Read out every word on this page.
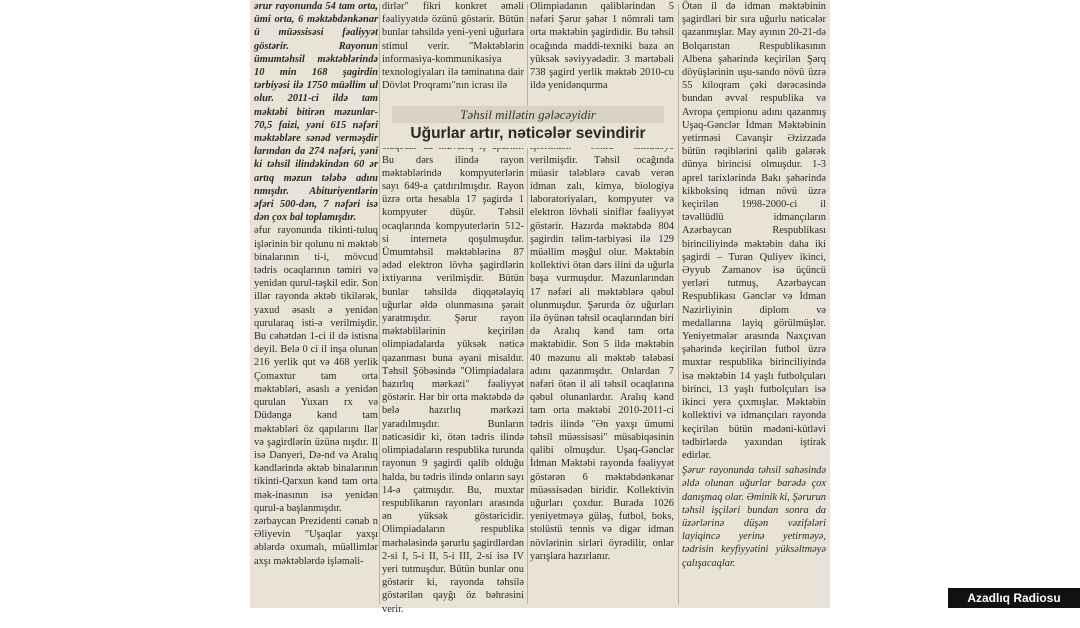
ərur rayonunda 54 tam orta, ümi orta, 6 məktəbdənkənar ü müəssisəsi fəaliyyət göstərir. Rayonun ümumtəhsil məktəblərində 10 min 168 şagirdin tərbiyəsi ilə 1750 müəllim ul olur. 2011-ci ildə tam məktəbi bitirən məzunlar-70,5 faizi, yəni 615 nəfəri məktəbləre sənəd verməşdir larından da 274 nəfəri, yəni ki təhsil ilindəkindən 60 ər artıq məzun tələbə adını nmışdır. Abituriyentlərin əfəri 500-dən, 7 nəfəri isə dən çox bal toplamışdır.

əfur rayonunda tikinti-tuluq işlərinin bir qolunu ni məktəb binalarının ti-i, mövcud tədris ocaqlarının təmiri və yenidən qurul-təşkil edir. Son illər rayonda əktəb tikilərək, yaxud əsaslı ə yenidən qurularaq isti-ə verilmişdir. Bu cəhətdən 1-ci il də istisna deyil. Belə 0 ci il inşa olunan 216 yerlik qut və 468 yerlik Çomaxtur tam orta məktəbləri, əsaslı ə yenidən qurulan Yuxarı rx və Düdəngə kənd tam məktəbləri öz qapılarını llər və şagirdlərin üzünə nışdır. Il isə Danyeri, Də-nd və Aralıq kəndlərində əktəb binalarının tikinti-Qarxun kənd tam orta mək-inasının isə yenidən qurul-a başlanmışdır.

zərbaycan Prezidenti cənab n Əliyevin "Uşaqlar yaxşı əblərdə oxumalı, müəllimlər axşı məktəblərdə işləməli-

dirlər" fikri konkret əməli fəaliyyətdə özünü göstərir. Bütün bunlar təhsildə yeni-yeni uğurlara stimul verir. "Məktəblərin informasiya-kommunikasiya texnologiyaları ilə təminatına dair Dövlət Proqramı"nın icrası ilə

Bu dərs ilində rayon məktəblərində kompyuterlərin sayı 649-a çatdırılmışdır. Rayon üzrə orta hesabla 17 şagirdə 1 kompyuter düşür. Təhsil ocaqlarında kompyuterlərin 512-si internetə qoşulmuşdur. Ümumtəhsil məktəblərinə 87 ədəd elektron lövhə şagirdlərin ixtiyarına verilmişdir. Bütün bunlar təhsildə diqqətəlayiq uğurlar əldə olunmasına şərait yaratmışdır. Şərur rayon məktəblilərinin keçirilən olimpiadalarda yüksək nəticə qazanması buna əyani misaldır. Təhsil Şöbəsində "Olimpiadalara hazırlıq mərkəzi" fəaliyyət göstərir. Hər bir orta məktəbdə də belə hazırlıq mərkəzi yaradılmışdır. Bunların nəticəsidir ki, ötən tədris ilində olimpiadaların respublika turunda rayonun 9 şagirdi qalib olduğu halda, bu tədris ilində onların sayı 14-ə çatmışdır. Bu, muxtar respublikanın rayonları arasında ən yüksək göstəricidir. Olimpiadaların respublika mərhələsində şərurlu şagirdlərdən 2-si I, 5-i II, 5-i III, 2-si isə IV yeri tutmuşdur. Bütün bunlar onu göstərir ki, rayonda təhsilə göstərilən qayğı öz bəhrəsini verir.

Olimpiadanın qaliblərindən 5 nəfəri Şərur şəhər 1 nömrəli tam orta məktəbin şagirdidir. Bu təhsil ocağında maddi-texniki baza ən yüksək səviyyədədir. 3 mərtəbəli 738 şagird yerlik məktəb 2010-cu ildə yenidənqurma

verilmişdir. Təhsil ocağında müasir tələblərə cavab verən idman zalı, kimya, biologiya laboratoriyaları, kompyuter və elektron lövhəli siniflər fəaliyyət göstərir. Hazırda məktəbdə 804 şagirdin təlim-tərbiyəsi ilə 129 müəllim məşğul olur. Məktəbin kollektivi ötən dərs ilini də uğurla başa vurmuşdur. Məzunlarından 17 nəfəri ali məktəblərə qəbul olunmuşdur. Şərurda öz uğurları ilə öyünən təhsil ocaqlarından biri də Aralıq kənd tam orta məktəbidir. Son 5 ildə məktəbin 40 məzunu ali məktəb tələbəsi adını qazanmışdır. Onlardan 7 nəfəri ötən il ali təhsil ocaqlarına qəbul olunanlardır. Aralıq kənd tam orta məktəbi 2010-2011-ci tədris ilində "Ən yaxşı ümumi təhsil müəssisəsi" müsabiqəsinin qalibi olmuşdur. Uşaq-Gənclər İdman Məktəbi rayonda fəaliyyət göstərən 6 məktəbdənkənar müəssisədən biridir. Kollektivin uğurları çoxdur. Burada 1026 yeniyetməyə güləş, futbol, boks, stolüstü tennis və digər idman növlərinin sirləri öyrədilir, onlar yarışlara hazırlanır.

Ötən il də idman məktəbinin şagirdləri bir sıra uğurlu nəticələr qazanmışlar. May ayının 20-21-də Bolqarıstan Respublikasının Albena şəhərində keçirilən Şərq döyüşlərinin uşu-sando növü üzrə 55 kiloqram çəki dərəcəsində bundan əvvəl respublika və Avropa çempionu adını qazanmış Uşaq-Gənclər İdman Məktəbinin yetirməsi Cavanşir Əzizzadə bütün rəqiblərini qalib gələrək dünya birincisi olmuşdur. 1-3 aprel tarixlərində Bakı şəhərində kikboksinq idman növü üzrə keçirilən 1998-2000-ci il təvəllüdlü idmançıların Azərbaycan Respublikası birinciliyində məktəbin daha iki şagirdi – Turan Quliyev ikinci, Əyyub Zamanov isə üçüncü yerləri tutmuş, Azərbaycan Respublikası Gənclər və İdman Nazirliyinin diplom və medallarına layiq görülmüşlər. Yeniyetmələr arasında Naxçıvan şəhərində keçirilən futbol üzrə muxtar respublika birinciliyində isə məktəbin 14 yaşlı futbolçuları birinci, 13 yaşlı futbolçuları isə ikinci yerə çıxmışlar. Məktəbin kollektivi və idmançıları rayonda keçirilən bütün mədəni-kütləvi tədbirlərdə yaxından iştirak edirlər.

Şərur rayonunda təhsil sahəsində əldə olunan uğurlar barədə çox danışmaq olar. Əminik ki, Şərurun təhsil işçiləri bundan sonra da üzərlərinə düşən vəzifələri layiqincə yerinə yetirməyə, tədrisin keyfiyyətini yüksəltməyə çalışacaqlar.

Təhsil millətin gələcəyidir
Uğurlar artır, nəticələr sevindirir
Azadlıq Radiosu (RFE/RL)
